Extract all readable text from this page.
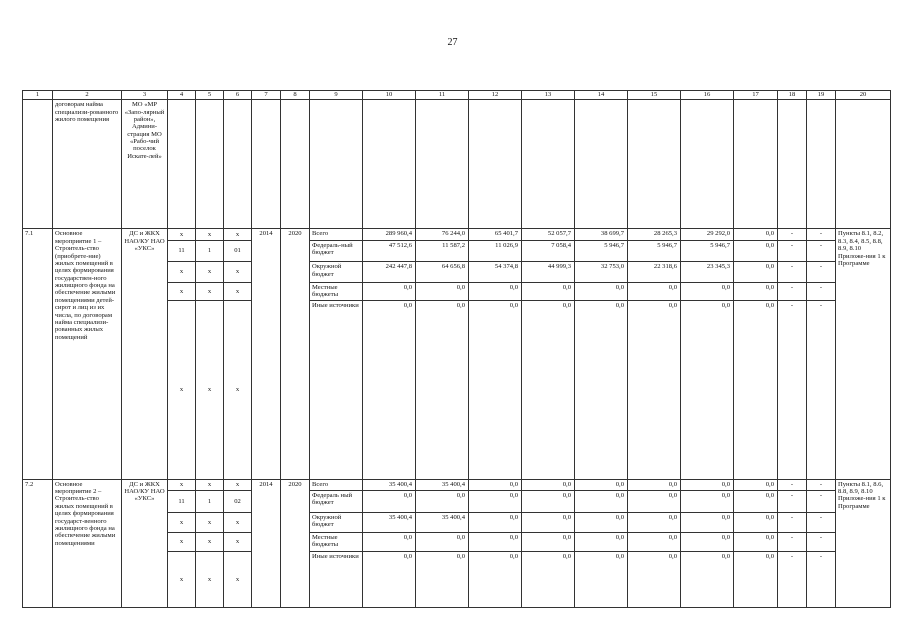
27
1	2	3	4	5	6	7	8	9	10	11	12	13	14	15	16	17	18	19	20
	договорам найма специализи-рованного жилого помещения	МО «МР «Запо-лярный район», Админи-страция МО «Рабо-чий поселок Искате-лей»																	
7.1	Основное мероприятие 1 – Строитель-ство (приобрете-ние) жилых помещений в целях формирования государствен-ного жилищного фонда на обеспечение жилыми помещениями детей-сирот и лиц из их числа, по договорам найма специализи-рованных жилых помещений	ДС и ЖКХ НАО/КУ НАО «УКС»	x	x	x	2014	2020	Всего	289 960,4	76 244,0	65 401,7	52 057,7	38 699,7	28 265,3	29 292,0	0,0	-	-	Пункты 8.1, 8.2, 8.3, 8.4, 8.5, 8.8, 8.9, 8.10 Приложе-ния 1 к Программе
			11	1	01			Федераль-ный бюджет	47 512,6	11 587,2	11 026,9	7 058,4	5 946,7	5 946,7	5 946,7	0,0	-	-	
			x	x	x			Окружной бюджет	242 447,8	64 656,8	54 374,8	44 999,3	32 753,0	22 318,6	23 345,3	0,0	-	-	
			x	x	x			Местные бюджеты	0,0	0,0	0,0	0,0	0,0	0,0	0,0	0,0	-	-	
			x	x	x			Иные источники	0,0	0,0	0,0	0,0	0,0	0,0	0,0	0,0	-	-	
7.2	Основное мероприятие 2 – Строитель-ство жилых помещений в целях формирования государст-венного жилищного фонда на обеспечение жилыми помещениями	ДС и ЖКХ НАО/КУ НАО «УКС»	x	x	x	2014	2020	Всего	35 400,4	35 400,4	0,0	0,0	0,0	0,0	0,0	0,0	-	-	Пункты 8.1, 8.6, 8.8, 8.9, 8.10 Приложе-ния 1 к Программе
			11	1	02			Федераль ный бюджет	0,0	0,0	0,0	0,0	0,0	0,0	0,0	0,0	-	-	
			x	x	x			Окружной бюджет	35 400,4	35 400,4	0,0	0,0	0,0	0,0	0,0	0,0	-	-	
			x	x	x			Местные бюджеты	0,0	0,0	0,0	0,0	0,0	0,0	0,0	0,0	-	-	
			x	x	x			Иные источники	0,0	0,0	0,0	0,0	0,0	0,0	0,0	0,0	-	-	
